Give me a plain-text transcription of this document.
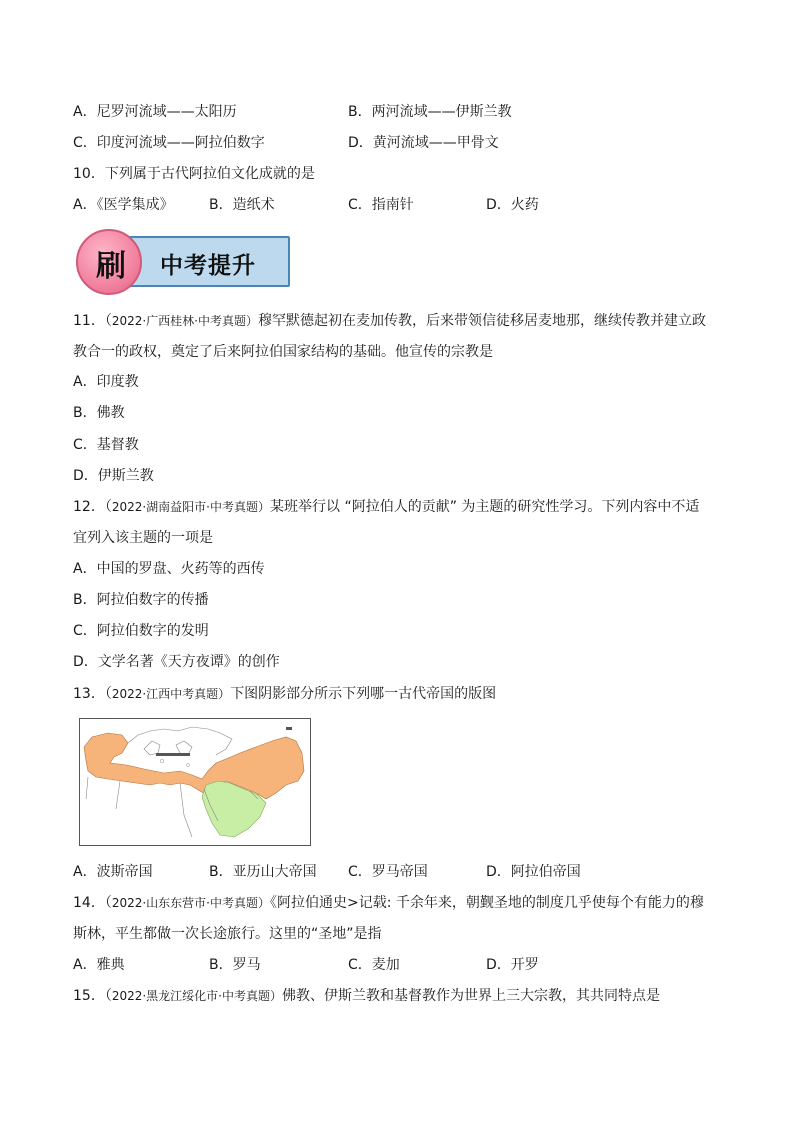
A．尼罗河流域——太阳历	B．两河流域——伊斯兰教
C．印度河流域——阿拉伯数字	D．黄河流域——甲骨文
10．下列属于古代阿拉伯文化成就的是
A．《医学集成》	B．造纸术	C．指南针	D．火药
中考提升
刷
11．（2022·广西桂林·中考真题）穆罕默德起初在麦加传教，后来带领信徒移居麦地那，继续传教并建立政
教合一的政权，奠定了后来阿拉伯国家结构的基础。他宣传的宗教是
A．印度教
B．佛教
C．基督教
D．伊斯兰教
12．（2022·湖南益阳市·中考真题）某班举行以 “阿拉伯人的贡献” 为主题的研究性学习。下列内容中不适
宜列入该主题的一项是
A．中国的罗盘、火药等的西传
B．阿拉伯数字的传播
C．阿拉伯数字的发明
D．文学名著《天方夜谭》的创作
13．（2022·江西中考真题）下图阴影部分所示下列哪一古代帝国的版图
A．波斯帝国	B．亚历山大帝国 C．罗马帝国	D．阿拉伯帝国
14．（2022·山东东营市·中考真题）《阿拉伯通史>记载: 千余年来，朝觐圣地的制度几乎使每个有能力的穆
斯林，平生都做一次长途旅行。这里的“圣地”是指
A．雅典	B．罗马	C．麦加	D．开罗
15．（2022·黑龙江绥化市·中考真题）佛教、伊斯兰教和基督教作为世界上三大宗教，其共同特点是
